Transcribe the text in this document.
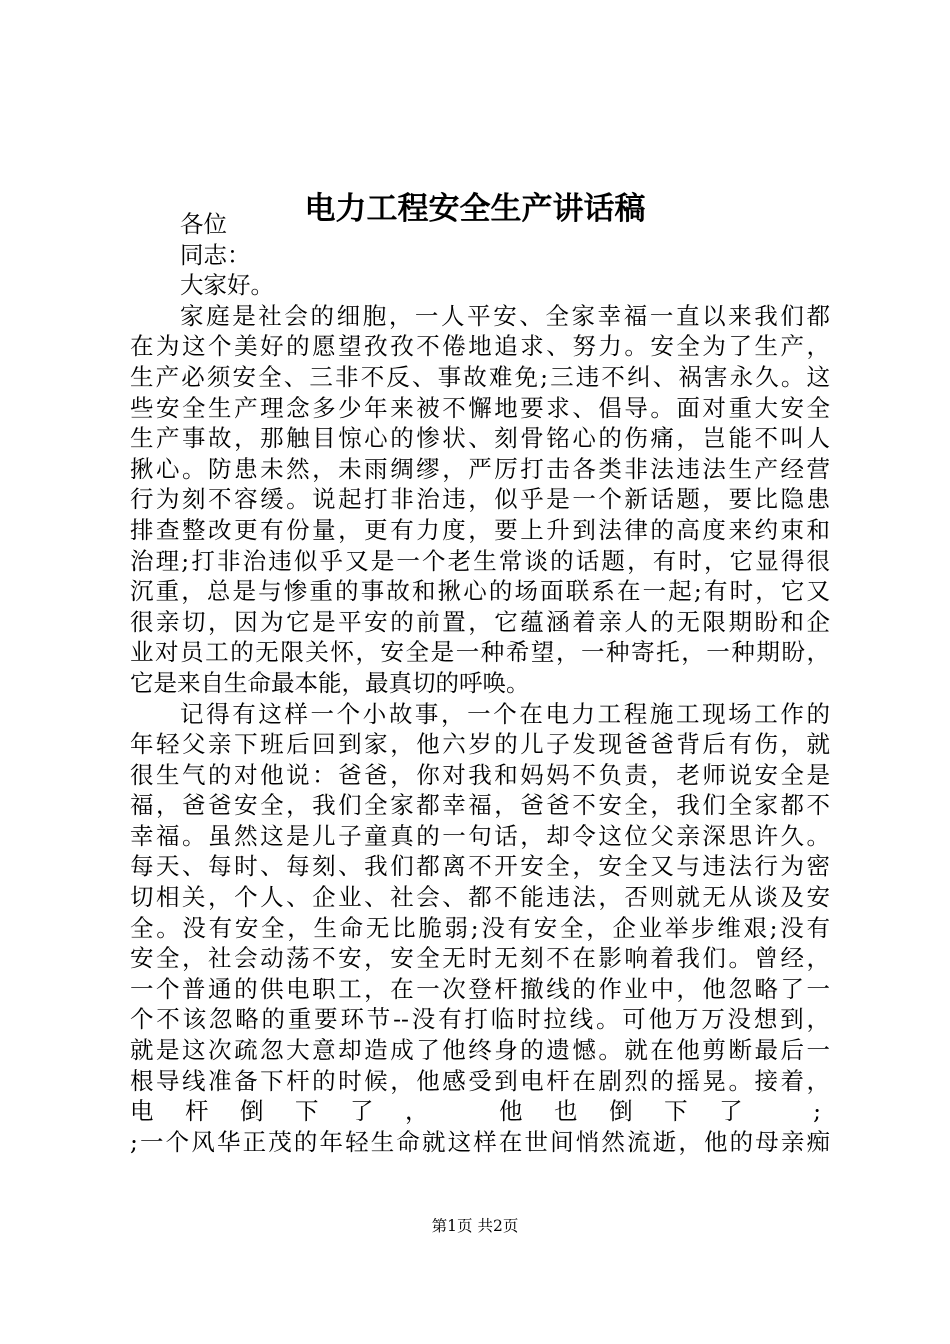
电力工程安全生产讲话稿
各位
同志：
大家好。
家庭是社会的细胞，一人平安、全家幸福一直以来我们都
在为这个美好的愿望孜孜不倦地追求、努力。安全为了生产，
生产必须安全、三非不反、事故难免;三违不纠、祸害永久。这
些安全生产理念多少年来被不懈地要求、倡导。面对重大安全
生产事故，那触目惊心的惨状、刻骨铭心的伤痛，岂能不叫人
揪心。防患未然，未雨绸缪，严厉打击各类非法违法生产经营
行为刻不容缓。说起打非治违，似乎是一个新话题，要比隐患
排查整改更有份量，更有力度，要上升到法律的高度来约束和
治理;打非治违似乎又是一个老生常谈的话题，有时，它显得很
沉重，总是与惨重的事故和揪心的场面联系在一起;有时，它又
很亲切，因为它是平安的前置，它蕴涵着亲人的无限期盼和企
业对员工的无限关怀，安全是一种希望，一种寄托，一种期盼，
它是来自生命最本能，最真切的呼唤。
记得有这样一个小故事，一个在电力工程施工现场工作的
年轻父亲下班后回到家，他六岁的儿子发现爸爸背后有伤，就
很生气的对他说：爸爸，你对我和妈妈不负责，老师说安全是
福，爸爸安全，我们全家都幸福，爸爸不安全，我们全家都不
幸福。虽然这是儿子童真的一句话，却令这位父亲深思许久。
每天、每时、每刻、我们都离不开安全，安全又与违法行为密
切相关，个人、企业、社会、都不能违法，否则就无从谈及安
全。没有安全，生命无比脆弱;没有安全，企业举步维艰;没有
安全，社会动荡不安，安全无时无刻不在影响着我们。曾经，
一个普通的供电职工，在一次登杆撤线的作业中，他忽略了一
个不该忽略的重要环节--没有打临时拉线。可他万万没想到，
就是这次疏忽大意却造成了他终身的遗憾。就在他剪断最后一
根导线准备下杆的时候，他感受到电杆在剧烈的摇晃。接着，
电杆倒下了， 他也倒下了 ;
;一个风华正茂的年轻生命就这样在世间悄然流逝，他的母亲痴
第1页 共2页
